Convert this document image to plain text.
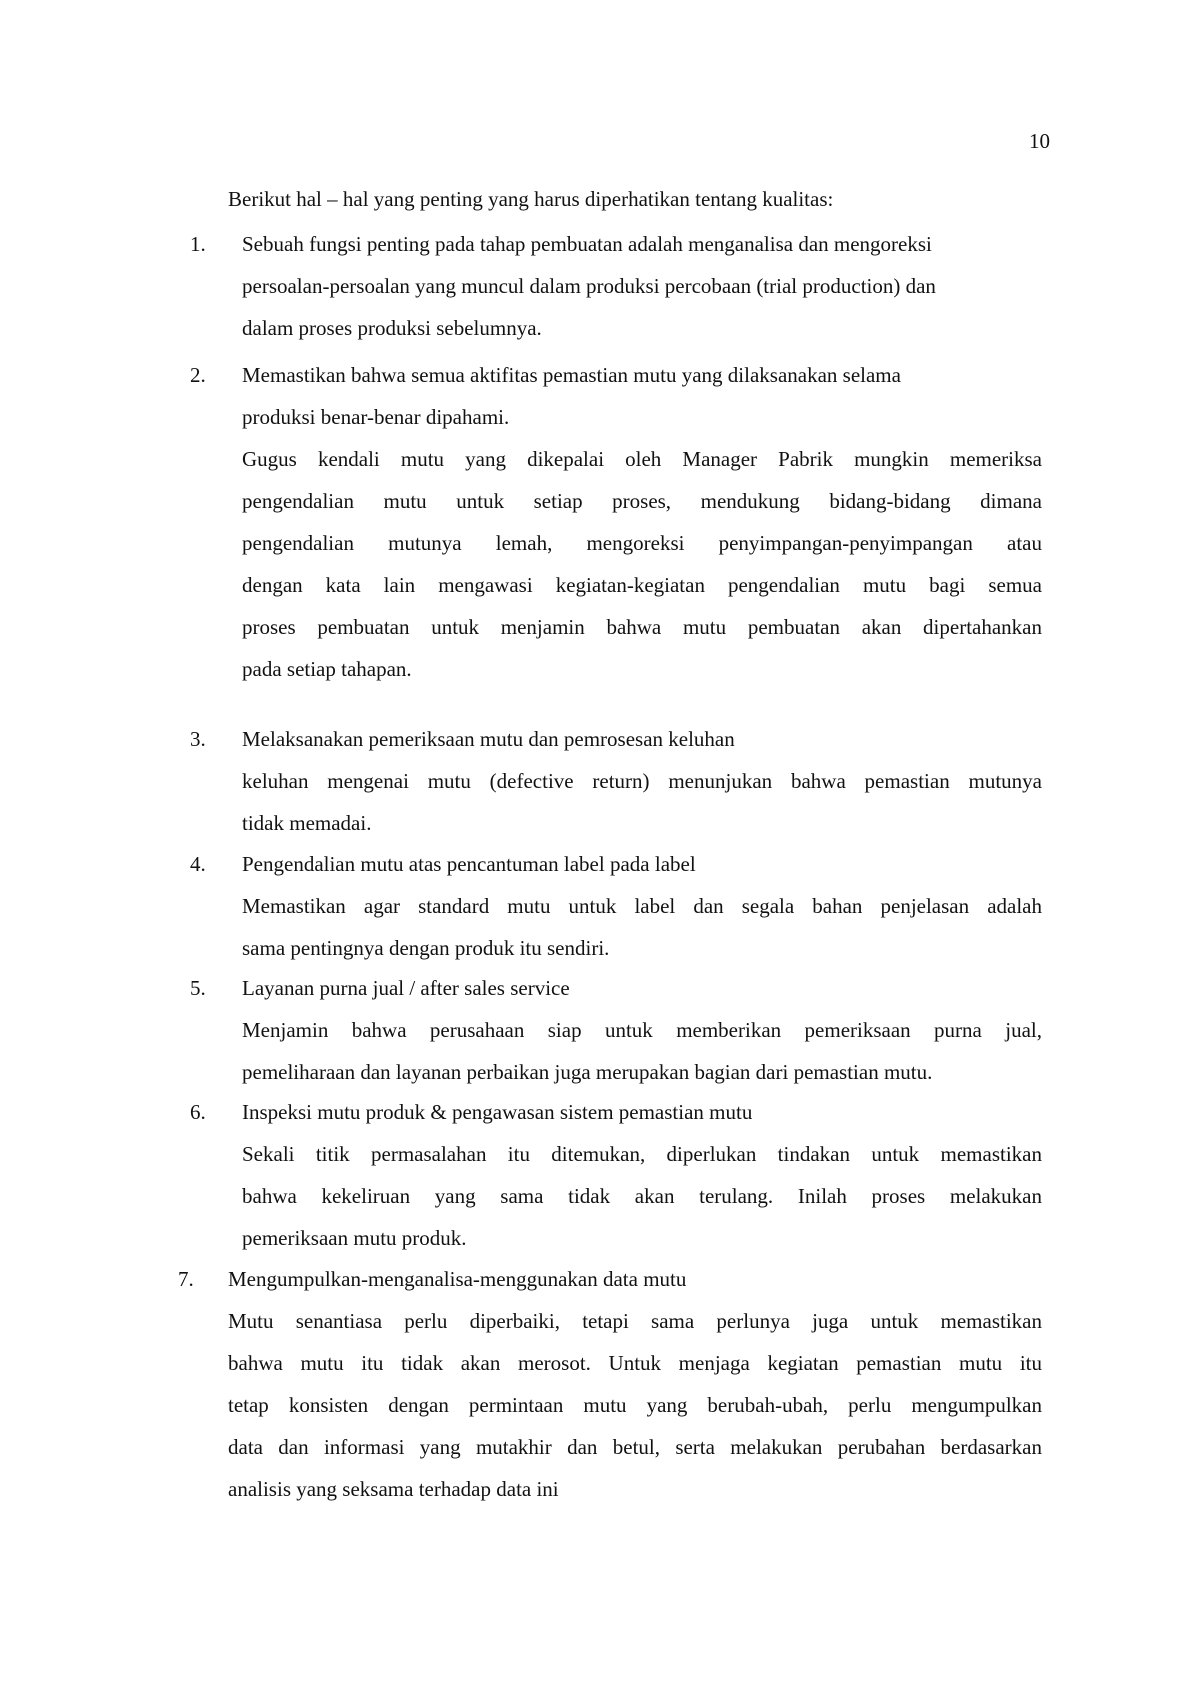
10
Berikut hal – hal yang penting yang harus diperhatikan tentang kualitas:
1.	Sebuah fungsi penting pada tahap pembuatan adalah menganalisa dan mengoreksi
persoalan-persoalan yang muncul dalam produksi percobaan (trial production) dan
dalam proses produksi sebelumnya.
2.	Memastikan bahwa semua aktifitas pemastian mutu yang dilaksanakan selama
produksi benar-benar dipahami.
Gugus kendali mutu yang dikepalai oleh Manager Pabrik mungkin memeriksa
pengendalian mutu untuk setiap proses, mendukung bidang-bidang dimana
pengendalian mutunya lemah, mengoreksi penyimpangan-penyimpangan atau
dengan kata lain mengawasi kegiatan-kegiatan pengendalian mutu bagi semua
proses pembuatan untuk menjamin bahwa mutu pembuatan akan dipertahankan
pada setiap tahapan.
3.	Melaksanakan pemeriksaan mutu dan pemrosesan keluhan
keluhan mengenai mutu (defective return) menunjukan bahwa pemastian mutunya
tidak memadai.
4.	Pengendalian mutu atas pencantuman label pada label
Memastikan agar standard mutu untuk label dan segala bahan penjelasan adalah
sama pentingnya dengan produk itu sendiri.
5.	Layanan purna jual / after sales service
Menjamin bahwa perusahaan siap untuk memberikan pemeriksaan purna jual,
pemeliharaan dan layanan perbaikan juga merupakan bagian dari pemastian mutu.
6.	Inspeksi mutu produk & pengawasan sistem pemastian mutu
Sekali titik permasalahan itu ditemukan, diperlukan tindakan untuk memastikan
bahwa kekeliruan yang sama tidak akan terulang. Inilah proses melakukan
pemeriksaan mutu produk.
7.	Mengumpulkan-menganalisa-menggunakan data mutu
Mutu senantiasa perlu diperbaiki, tetapi sama perlunya juga untuk memastikan
bahwa mutu itu tidak akan merosot. Untuk menjaga kegiatan pemastian mutu itu
tetap konsisten dengan permintaan mutu yang berubah-ubah, perlu mengumpulkan
data dan informasi yang mutakhir dan betul, serta melakukan perubahan berdasarkan
analisis yang seksama terhadap data ini
